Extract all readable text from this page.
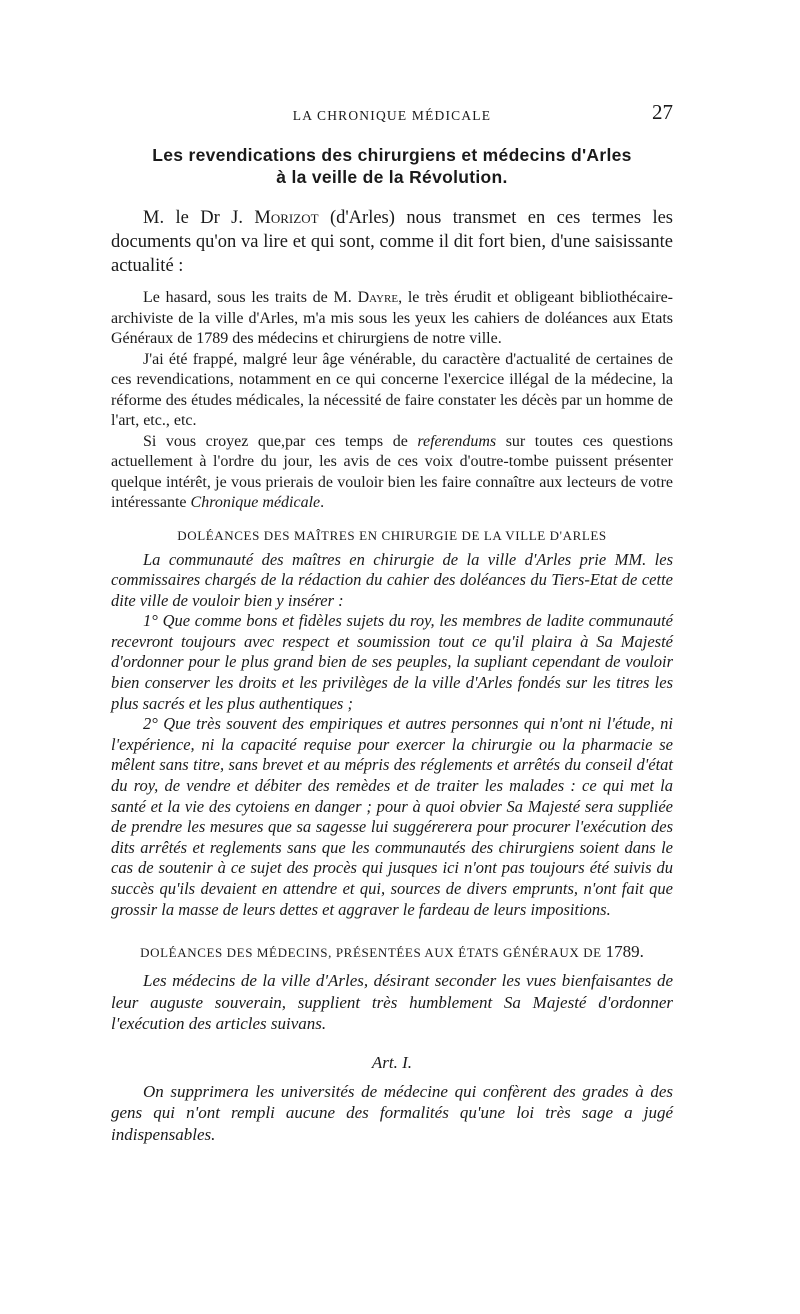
LA CHRONIQUE MÉDICALE	27
Les revendications des chirurgiens et médecins d'Arles
à la veille de la Révolution.

M. le Dr J. Morizot (d'Arles) nous transmet en ces termes les documents qu'on va lire et qui sont, comme il dit fort bien, d'une saisissante actualité :

Le hasard, sous les traits de M. Dayre, le très érudit et obligeant bibliothécaire-archiviste de la ville d'Arles, m'a mis sous les yeux les cahiers de doléances aux Etats Généraux de 1789 des médecins et chirurgiens de notre ville.

J'ai été frappé, malgré leur âge vénérable, du caractère d'actualité de certaines de ces revendications, notamment en ce qui concerne l'exercice illégal de la médecine, la réforme des études médicales, la nécessité de faire constater les décès par un homme de l'art, etc., etc.

Si vous croyez que,par ces temps de referendums sur toutes ces questions actuellement à l'ordre du jour, les avis de ces voix d'outre-tombe puissent présenter quelque intérêt, je vous prierais de vouloir bien les faire connaître aux lecteurs de votre intéressante Chronique médicale.

DOLÉANCES DES MAÎTRES EN CHIRURGIE DE LA VILLE D'ARLES

La communauté des maîtres en chirurgie de la ville d'Arles prie MM. les commissaires chargés de la rédaction du cahier des doléances du Tiers-Etat de cette dite ville de vouloir bien y insérer :

1° Que comme bons et fidèles sujets du roy, les membres de ladite communauté recevront toujours avec respect et soumission tout ce qu'il plaira à Sa Majesté d'ordonner pour le plus grand bien de ses peuples, la supliant cependant de vouloir bien conserver les droits et les privilèges de la ville d'Arles fondés sur les titres les plus sacrés et les plus authentiques ;

2° Que très souvent des empiriques et autres personnes qui n'ont ni l'étude, ni l'expérience, ni la capacité requise pour exercer la chirurgie ou la pharmacie se mêlent sans titre, sans brevet et au mépris des réglements et arrêtés du conseil d'état du roy, de vendre et débiter des remèdes et de traiter les malades : ce qui met la santé et la vie des cytoiens en danger ; pour à quoi obvier Sa Majesté sera suppliée de prendre les mesures que sa sagesse lui suggérerera pour procurer l'exécution des dits arrêtés et reglements sans que les communautés des chirurgiens soient dans le cas de soutenir à ce sujet des procès qui jusques ici n'ont pas toujours été suivis du succès qu'ils devaient en attendre et qui, sources de divers emprunts, n'ont fait que grossir la masse de leurs dettes et aggraver le fardeau de leurs impositions.

DOLÉANCES DES MÉDECINS, PRÉSENTÉES AUX ÉTATS GÉNÉRAUX DE 1789.

Les médecins de la ville d'Arles, désirant seconder les vues bienfaisantes de leur auguste souverain, supplient très humblement Sa Majesté d'ordonner l'exécution des articles suivans.

Art. I.

On supprimera les universités de médecine qui confèrent des grades à des gens qui n'ont rempli aucune des formalités qu'une loi très sage a jugé indispensables.
